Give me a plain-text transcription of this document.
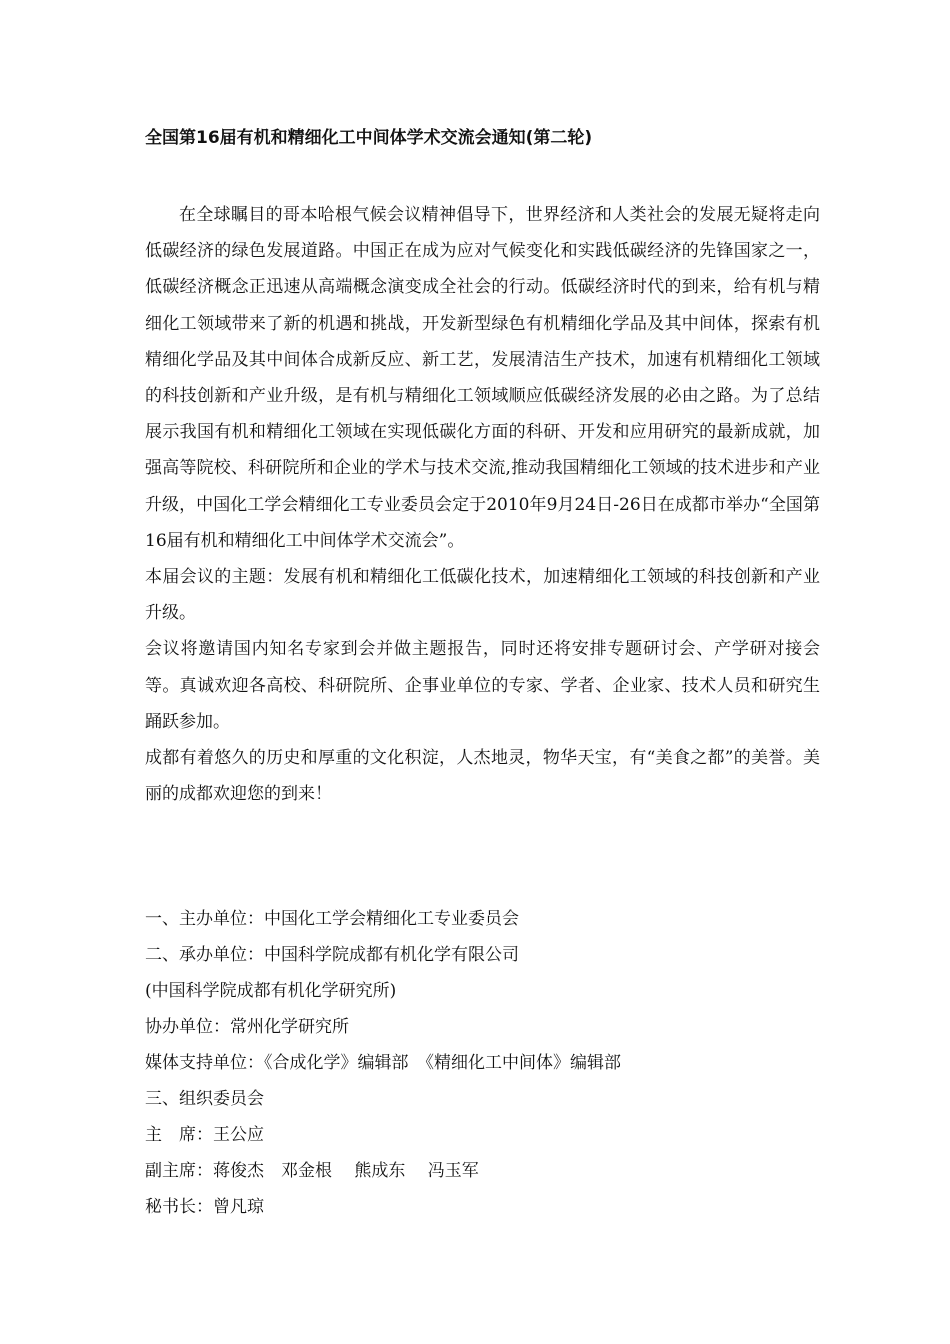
全国第16届有机和精细化工中间体学术交流会通知(第二轮)

在全球瞩目的哥本哈根气候会议精神倡导下，世界经济和人类社会的发展无疑将走向低碳经济的绿色发展道路。中国正在成为应对气候变化和实践低碳经济的先锋国家之一，低碳经济概念正迅速从高端概念演变成全社会的行动。低碳经济时代的到来，给有机与精细化工领域带来了新的机遇和挑战，开发新型绿色有机精细化学品及其中间体，探索有机精细化学品及其中间体合成新反应、新工艺，发展清洁生产技术，加速有机精细化工领域的科技创新和产业升级，是有机与精细化工领域顺应低碳经济发展的必由之路。为了总结展示我国有机和精细化工领域在实现低碳化方面的科研、开发和应用研究的最新成就，加强高等院校、科研院所和企业的学术与技术交流,推动我国精细化工领域的技术进步和产业升级，中国化工学会精细化工专业委员会定于2010年9月24日-26日在成都市举办“全国第16届有机和精细化工中间体学术交流会”。

本届会议的主题：发展有机和精细化工低碳化技术，加速精细化工领域的科技创新和产业升级。

会议将邀请国内知名专家到会并做主题报告，同时还将安排专题研讨会、产学研对接会等。真诚欢迎各高校、科研院所、企事业单位的专家、学者、企业家、技术人员和研究生踊跃参加。

成都有着悠久的历史和厚重的文化积淀，人杰地灵，物华天宝，有“美食之都”的美誉。美丽的成都欢迎您的到来！

一、主办单位：中国化工学会精细化工专业委员会
二、承办单位：中国科学院成都有机化学有限公司
(中国科学院成都有机化学研究所)
协办单位：常州化学研究所
媒体支持单位：《合成化学》编辑部　《精细化工中间体》编辑部
三、组织委员会
主　席：王公应
副主席：蒋俊杰　邓金根　 熊成东　 冯玉军
秘书长：曾凡琼
